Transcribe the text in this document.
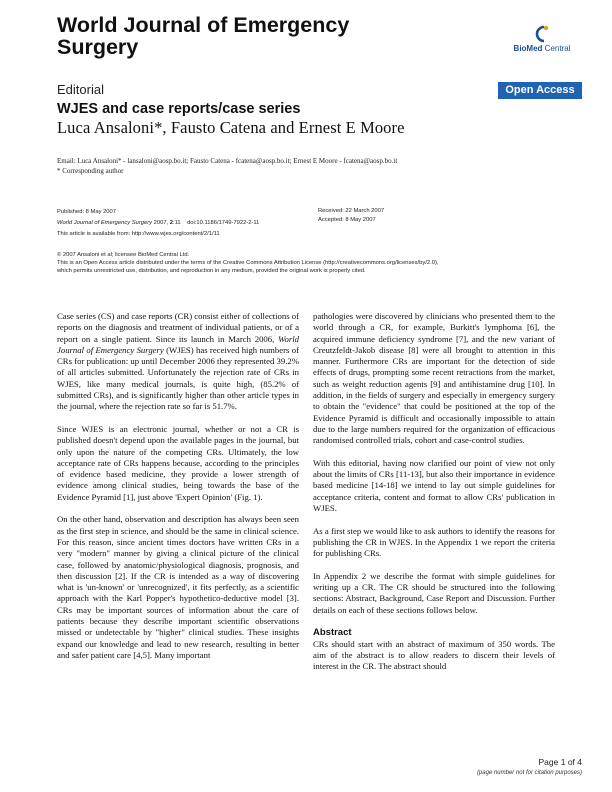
World Journal of Emergency Surgery	BioMed Central
Editorial	Open Access
WJES and case reports/case series
Luca Ansaloni*, Fausto Catena and Ernest E Moore
Email: Luca Ansaloni* - lansaloni@aosp.bo.it; Fausto Catena - fcatena@aosp.bo.it; Ernest E Moore - fcatena@aosp.bo.it
* Corresponding author
Published: 8 May 2007
World Journal of Emergency Surgery 2007, 2:11    doi:10.1186/1749-7922-2-11
This article is available from: http://www.wjes.org/content/2/1/11
Received: 22 March 2007
Accepted: 8 May 2007
© 2007 Ansaloni et al; licensee BioMed Central Ltd.
This is an Open Access article distributed under the terms of the Creative Commons Attribution License (http://creativecommons.org/licenses/by/2.0),
which permits unrestricted use, distribution, and reproduction in any medium, provided the original work is properly cited.

Case series (CS) and case reports (CR) consist either of collections of reports on the diagnosis and treatment of individual patients, or of a report on a single patient. Since its launch in March 2006, World Journal of Emergency Surgery (WJES) has received high numbers of CRs for publication: up until December 2006 they represented 39.2% of all articles submitted. Unfortunately the rejection rate of CRs in WJES, like many medical journals, is quite high, (85.2% of submitted CRs), and is significantly higher than other article types in the journal, where the rejection rate so far is 51.7%.

Since WJES is an electronic journal, whether or not a CR is published doesn't depend upon the available pages in the journal, but only upon the nature of the competing CRs. Ultimately, the low acceptance rate of CRs happens because, according to the principles of evidence based medicine, they provide a lower strength of evidence among clinical studies, being towards the base of the Evidence Pyramid [1], just above 'Expert Opinion' (Fig. 1).

On the other hand, observation and description has always been seen as the first step in science, and should be the same in clinical science. For this reason, since ancient times doctors have written CRs in a very "modern" manner by giving a clinical picture of the clinical case, followed by anatomic/physiological diagnosis, prognosis, and then discussion [2]. If the CR is intended as a way of discovering what is 'un-known' or 'unrecognized', it fits perfectly, as a scientific approach with the Karl Popper's hypothetico-deductive model [3]. CRs may be important sources of information about the care of patients because they describe important scientific observations missed or undetectable by "higher" clinical studies. These insights expand our knowledge and lead to new research, resulting in better and safer patient care [4,5]. Many important

pathologies were discovered by clinicians who presented them to the world through a CR, for example, Burkitt's lymphoma [6], the acquired immune deficiency syndrome [7], and the new variant of Creutzfeldt-Jakob disease [8] were all brought to attention in this manner. Furthermore CRs are important for the detection of side effects of drugs, prompting some recent retractions from the market, such as weight reduction agents [9] and antihistamine drug [10]. In addition, in the fields of surgery and especially in emergency surgery to obtain the "evidence" that could be positioned at the top of the Evidence Pyramid is difficult and occasionally impossible to attain due to the large numbers required for the organization of efficacious randomised controlled trials, cohort and case-control studies.

With this editorial, having now clarified our point of view not only about the limits of CRs [11-13], but also their importance in evidence based medicine [14-18] we intend to lay out simple guidelines for acceptance criteria, content and format to allow CRs' publication in WJES.

As a first step we would like to ask authors to identify the reasons for publishing the CR in WJES. In the Appendix 1 we report the criteria for publishing CRs.

In Appendix 2 we describe the format with simple guidelines for writing up a CR. The CR should be structured into the following sections: Abstract, Background, Case Report and Discussion. Further details on each of these sections follows below.

Abstract

CRs should start with an abstract of maximum of 350 words. The aim of the abstract is to allow readers to discern their levels of interest in the CR. The abstract should

Page 1 of 4
(page number not for citation purposes)
